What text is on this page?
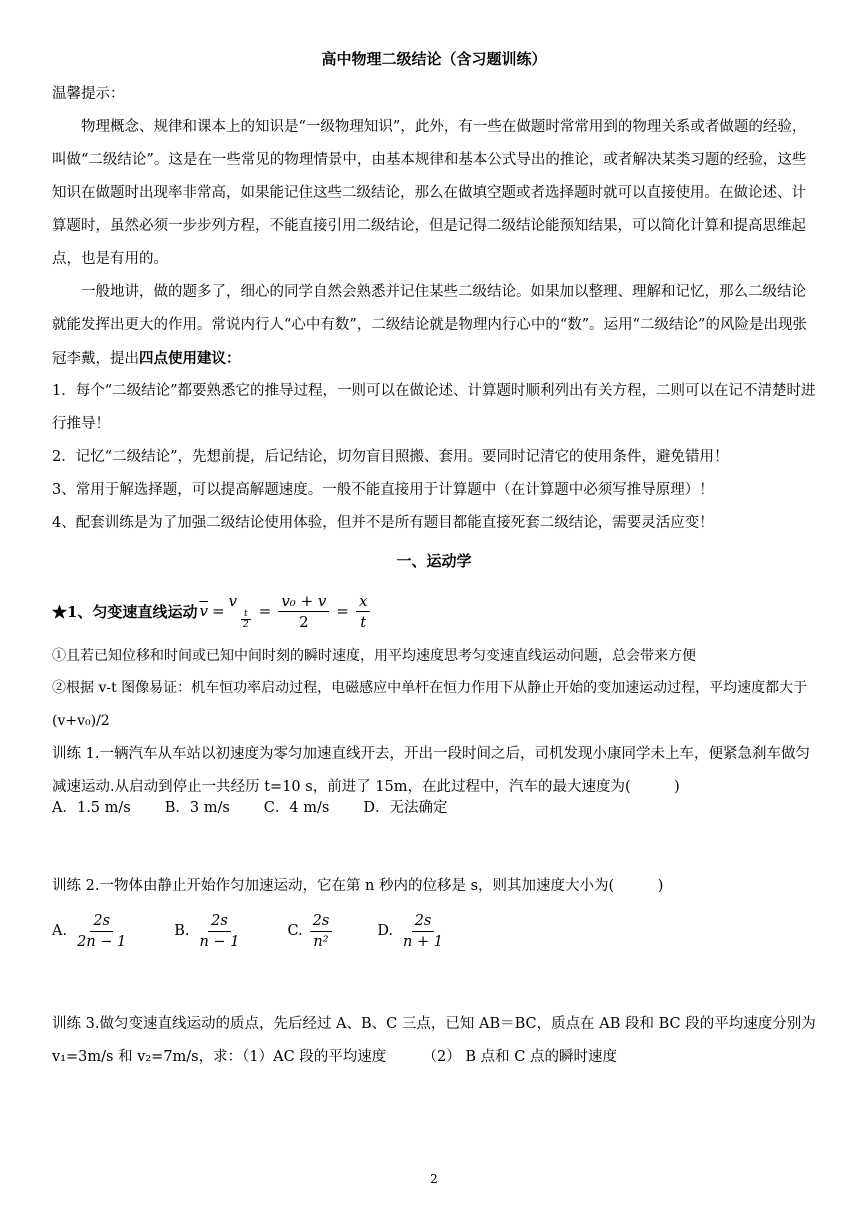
高中物理二级结论（含习题训练）

温馨提示：

物理概念、规律和课本上的知识是“一级物理知识”，此外，有一些在做题时常常用到的物理关系或者做题的经验，叫做“二级结论”。这是在一些常见的物理情景中，由基本规律和基本公式导出的推论，或者解决某类习题的经验，这些知识在做题时出现率非常高，如果能记住这些二级结论，那么在做填空题或者选择题时就可以直接使用。在做论述、计算题时，虽然必须一步步列方程，不能直接引用二级结论，但是记得二级结论能预知结果，可以简化计算和提高思维起点，也是有用的。

一般地讲，做的题多了，细心的同学自然会熟悉并记住某些二级结论。如果加以整理、理解和记忆，那么二级结论就能发挥出更大的作用。常说内行人“心中有数”，二级结论就是物理内行心中的“数”。运用“二级结论”的风险是出现张冠李戴，提出四点使用建议：

1．每个“二级结论”都要熟悉它的推导过程，一则可以在做论述、计算题时顺利列出有关方程，二则可以在记不清楚时进行推导！

2．记忆“二级结论”，先想前提，后记结论，切勿盲目照搬、套用。要同时记清它的使用条件，避免错用！

3、常用于解选择题，可以提高解题速度。一般不能直接用于计算题中（在计算题中必须写推导原理）！

4、配套训练是为了加强二级结论使用体验，但并不是所有题目都能直接死套二级结论，需要灵活应变！

一、运动学
★1、匀变速直线运动 $\overline{v}$ =
v
$\frac{t}{2} = \frac{\text{v₀ + v}}{2} = \frac{x}{t}$

①且若已知位移和时间或已知中间时刻的瞬时速度，用平均速度思考匀变速直线运动问题，总会带来方便

②根据 v-t 图像易证：机车恒功率启动过程，电磁感应中单杆在恒力作用下从静止开始的变加速运动过程，平均速度都大于(v+v₀)/2

训练 1.一辆汽车从车站以初速度为零匀加速直线开去，开出一段时间之后，司机发现小康同学未上车，便紧急刹车做匀减速运动.从启动到停止一共经历 t=10 s，前进了 15m，在此过程中，汽车的最大速度为(　　　)

A．1.5 m/s B．3 m/s C．4 m/s D．无法确定

训练 2.一物体由静止开始作匀加速运动，它在第 n 秒内的位移是 s，则其加速度大小为(　　　)

A. $\frac{2s}{2n - 1}$	B. $\frac{2s}{n - 1}$	C. $\frac{2s}{\text{n²}}$	D. $\frac{2s}{n + 1}$

训练 3.做匀变速直线运动的质点，先后经过 A、B、C 三点，已知 AB＝BC，质点在 AB 段和 BC 段的平均速度分别为 v₁=3m/s 和 v₂=7m/s，求：（1）AC 段的平均速度　　　（2） B 点和 C 点的瞬时速度

2
